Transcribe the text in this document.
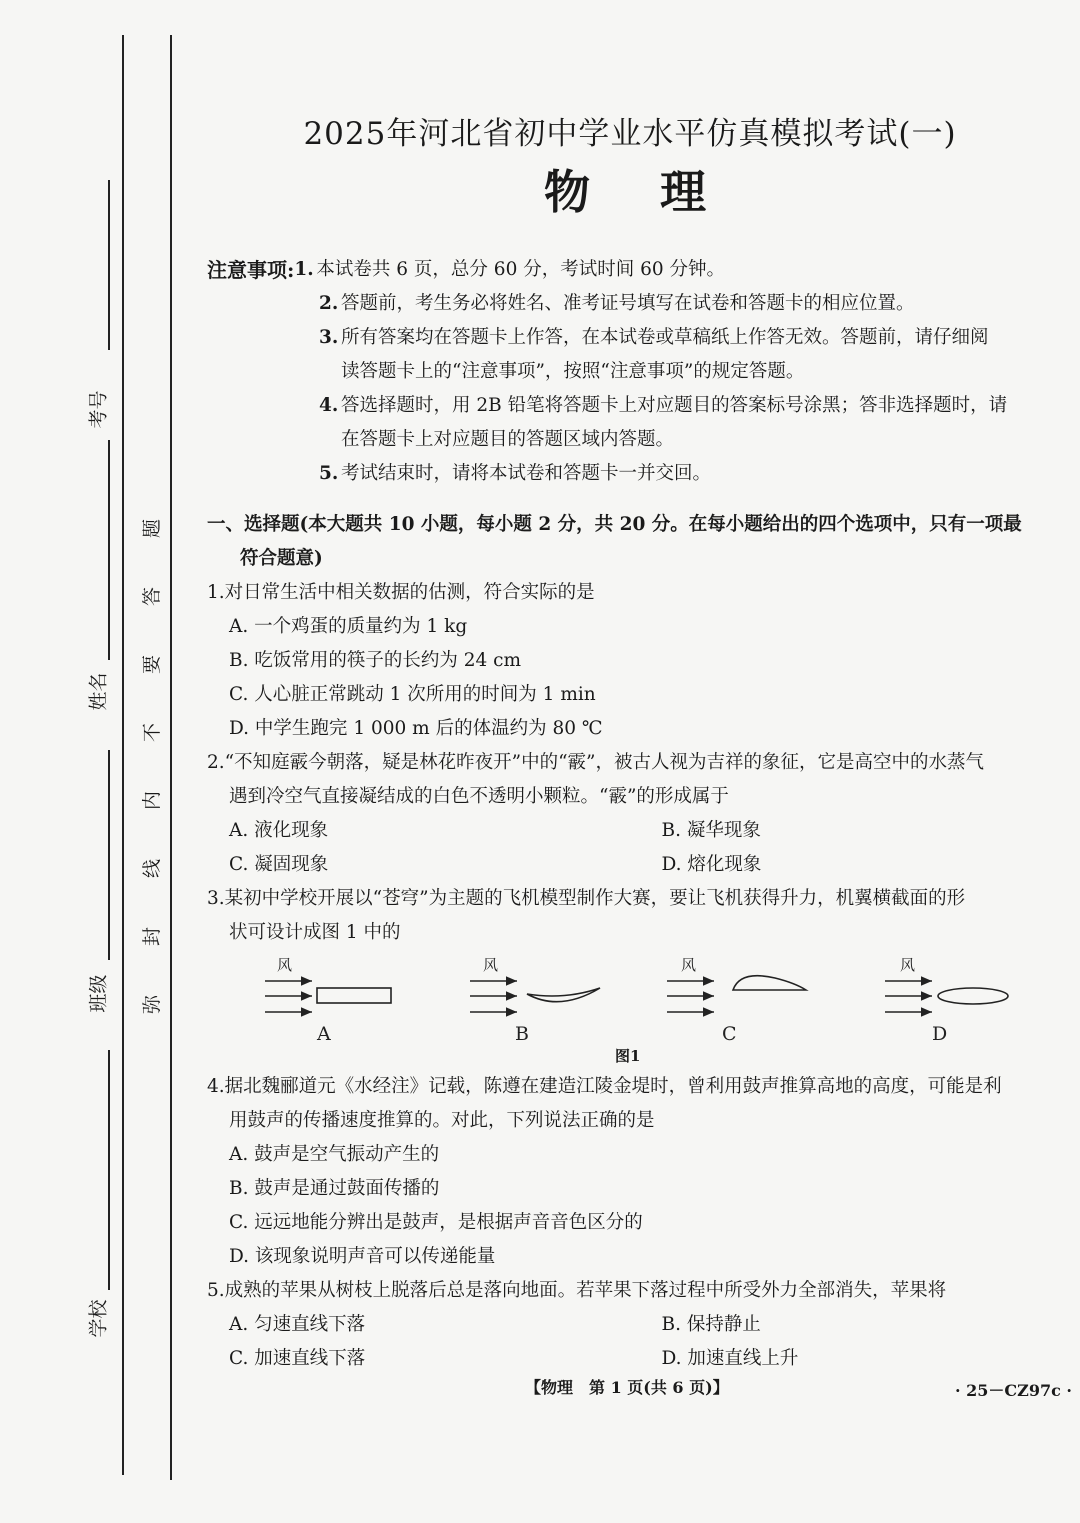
考号
姓名
班级
学校
题
答
要
不
内
线
封
弥
2025年河北省初中学业水平仿真模拟考试(一)
物理
注意事项: 1. 本试卷共 6 页，总分 60 分，考试时间 60 分钟。
2. 答题前，考生务必将姓名、准考证号填写在试卷和答题卡的相应位置。
3. 所有答案均在答题卡上作答，在本试卷或草稿纸上作答无效。答题前，请仔细阅
读答题卡上的“注意事项”，按照“注意事项”的规定答题。
4. 答选择题时，用 2B 铅笔将答题卡上对应题目的答案标号涂黑；答非选择题时，请
在答题卡上对应题目的答题区域内答题。
5. 考试结束时，请将本试卷和答题卡一并交回。
一、选择题(本大题共 10 小题，每小题 2 分，共 20 分。在每小题给出的四个选项中，只有一项最
符合题意)
1.对日常生活中相关数据的估测，符合实际的是
A. 一个鸡蛋的质量约为 1 kg
B. 吃饭常用的筷子的长约为 24 cm
C. 人心脏正常跳动 1 次所用的时间为 1 min
D. 中学生跑完 1 000 m 后的体温约为 80 ℃
2.“不知庭霰今朝落，疑是林花昨夜开”中的“霰”，被古人视为吉祥的象征，它是高空中的水蒸气
遇到冷空气直接凝结成的白色不透明小颗粒。“霰”的形成属于
A. 液化现象	B. 凝华现象
C. 凝固现象	D. 熔化现象
3.某初中学校开展以“苍穹”为主题的飞机模型制作大赛，要让飞机获得升力，机翼横截面的形
状可设计成图 1 中的
风
A
风
B
风
C
风
D
图1
4.据北魏郦道元《水经注》记载，陈遵在建造江陵金堤时，曾利用鼓声推算高地的高度，可能是利
用鼓声的传播速度推算的。对此，下列说法正确的是
A. 鼓声是空气振动产生的
B. 鼓声是通过鼓面传播的
C. 远远地能分辨出是鼓声，是根据声音音色区分的
D. 该现象说明声音可以传递能量
5.成熟的苹果从树枝上脱落后总是落向地面。若苹果下落过程中所受外力全部消失，苹果将
A. 匀速直线下落	B. 保持静止
C. 加速直线下落	D. 加速直线上升
【物理　第 1 页(共 6 页)】	· 25－CZ97c ·
